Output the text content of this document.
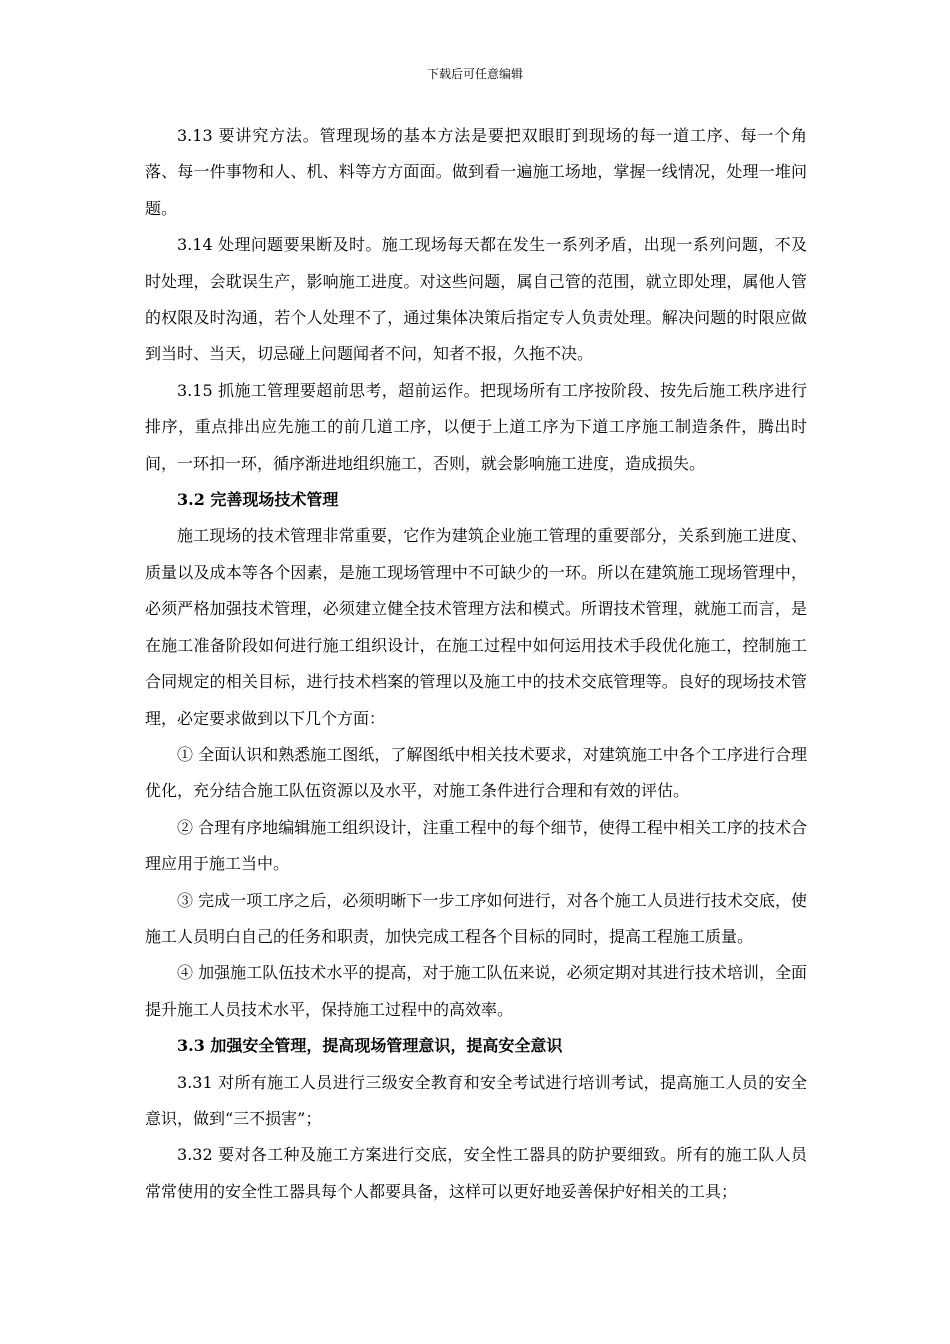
下载后可任意编辑

3.13 要讲究方法。管理现场的基本方法是要把双眼盯到现场的每一道工序、每一个角落、每一件事物和人、机、料等方方面面。做到看一遍施工场地，掌握一线情况，处理一堆问题。

3.14 处理问题要果断及时。施工现场每天都在发生一系列矛盾，出现一系列问题，不及时处理，会耽误生产，影响施工进度。对这些问题，属自己管的范围，就立即处理，属他人管的权限及时沟通，若个人处理不了，通过集体决策后指定专人负责处理。解决问题的时限应做到当时、当天，切忌碰上问题闻者不问，知者不报，久拖不决。

3.15 抓施工管理要超前思考，超前运作。把现场所有工序按阶段、按先后施工秩序进行排序，重点排出应先施工的前几道工序，以便于上道工序为下道工序施工制造条件，腾出时间，一环扣一环，循序渐进地组织施工，否则，就会影响施工进度，造成损失。

3.2 完善现场技术管理

施工现场的技术管理非常重要，它作为建筑企业施工管理的重要部分，关系到施工进度、质量以及成本等各个因素，是施工现场管理中不可缺少的一环。所以在建筑施工现场管理中，必须严格加强技术管理，必须建立健全技术管理方法和模式。所谓技术管理，就施工而言，是在施工准备阶段如何进行施工组织设计，在施工过程中如何运用技术手段优化施工，控制施工合同规定的相关目标，进行技术档案的管理以及施工中的技术交底管理等。良好的现场技术管理，必定要求做到以下几个方面：

① 全面认识和熟悉施工图纸，了解图纸中相关技术要求，对建筑施工中各个工序进行合理优化，充分结合施工队伍资源以及水平，对施工条件进行合理和有效的评估。

② 合理有序地编辑施工组织设计，注重工程中的每个细节，使得工程中相关工序的技术合理应用于施工当中。

③ 完成一项工序之后，必须明晰下一步工序如何进行，对各个施工人员进行技术交底，使施工人员明白自己的任务和职责，加快完成工程各个目标的同时，提高工程施工质量。

④ 加强施工队伍技术水平的提高，对于施工队伍来说，必须定期对其进行技术培训，全面提升施工人员技术水平，保持施工过程中的高效率。

3.3 加强安全管理，提高现场管理意识，提高安全意识

3.31 对所有施工人员进行三级安全教育和安全考试进行培训考试，提高施工人员的安全意识，做到“三不损害”；

3.32 要对各工种及施工方案进行交底，安全性工器具的防护要细致。所有的施工队人员常常使用的安全性工器具每个人都要具备，这样可以更好地妥善保护好相关的工具；
